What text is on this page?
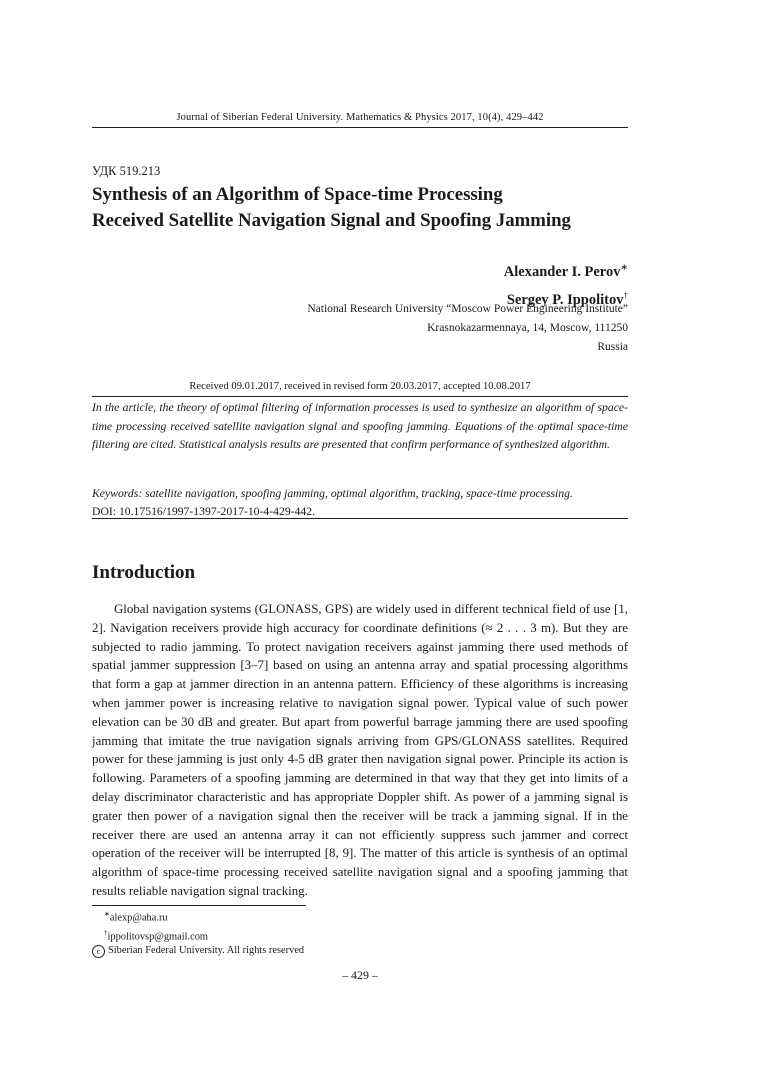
Journal of Siberian Federal University. Mathematics & Physics 2017, 10(4), 429–442
УДК 519.213
Synthesis of an Algorithm of Space-time Processing
Received Satellite Navigation Signal and Spoofing Jamming
Alexander I. Perov∗
Sergey P. Ippolitov†
National Research University “Moscow Power Engineering Institute”
Krasnokazarmennaya, 14, Moscow, 111250
Russia
Received 09.01.2017, received in revised form 20.03.2017, accepted 10.08.2017
In the article, the theory of optimal filtering of information processes is used to synthesize an algorithm of space-time processing received satellite navigation signal and spoofing jamming. Equations of the optimal space-time filtering are cited. Statistical analysis results are presented that confirm performance of synthesized algorithm.
Keywords: satellite navigation, spoofing jamming, optimal algorithm, tracking, space-time processing.
DOI: 10.17516/1997-1397-2017-10-4-429-442.
Introduction

Global navigation systems (GLONASS, GPS) are widely used in different technical field of use [1, 2]. Navigation receivers provide high accuracy for coordinate definitions (≈ 2 . . . 3 m). But they are subjected to radio jamming. To protect navigation receivers against jamming there used methods of spatial jammer suppression [3–7] based on using an antenna array and spatial processing algorithms that form a gap at jammer direction in an antenna pattern. Efficiency of these algorithms is increasing when jammer power is increasing relative to navigation signal power. Typical value of such power elevation can be 30 dB and greater. But apart from powerful barrage jamming there are used spoofing jamming that imitate the true navigation signals arriving from GPS/GLONASS satellites. Required power for these jamming is just only 4-5 dB grater then navigation signal power. Principle its action is following. Parameters of a spoofing jamming are determined in that way that they get into limits of a delay discriminator characteristic and has appropriate Doppler shift. As power of a jamming signal is grater then power of a navigation signal then the receiver will be track a jamming signal. If in the receiver there are used an antenna array it can not efficiently suppress such jammer and correct operation of the receiver will be interrupted [8, 9]. The matter of this article is synthesis of an optimal algorithm of space-time processing received satellite navigation signal and a spoofing jamming that results reliable navigation signal tracking.

∗alexp@aha.ru
†ippolitovsp@gmail.com
c Siberian Federal University. All rights reserved
– 429 –
